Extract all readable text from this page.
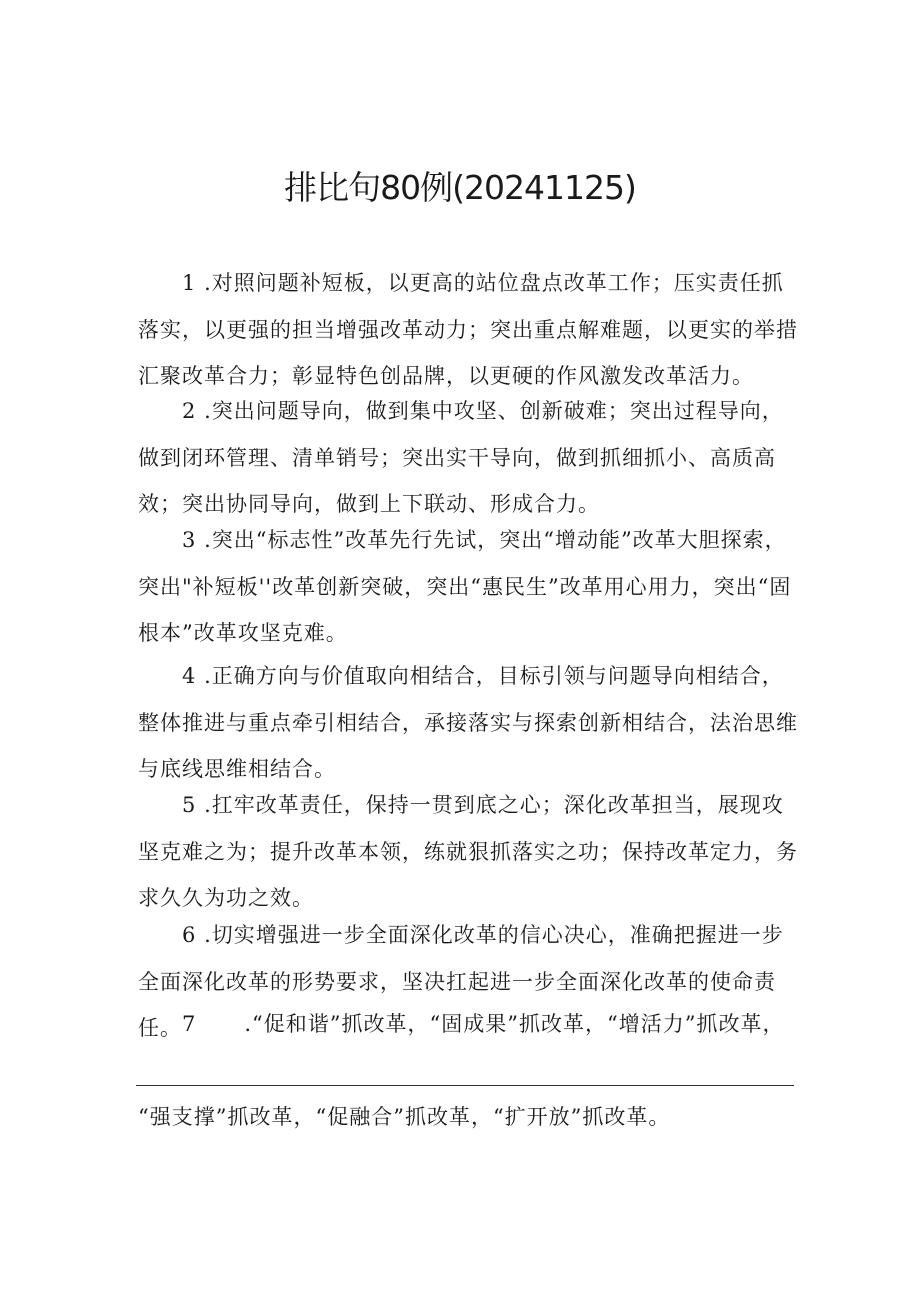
排比句80例(20241125)

1 .对照问题补短板，以更高的站位盘点改革工作；压实责任抓落实，以更强的担当增强改革动力；突出重点解难题，以更实的举措汇聚改革合力；彰显特色创品牌，以更硬的作风激发改革活力。

2 .突出问题导向，做到集中攻坚、创新破难；突出过程导向，做到闭环管理、清单销号；突出实干导向，做到抓细抓小、高质高效；突出协同导向，做到上下联动、形成合力。

3 .突出“标志性”改革先行先试，突出“增动能”改革大胆探索，突出"补短板''改革创新突破，突出“惠民生”改革用心用力，突出“固根本”改革攻坚克难。

4 .正确方向与价值取向相结合，目标引领与问题导向相结合，整体推进与重点牵引相结合，承接落实与探索创新相结合，法治思维与底线思维相结合。

5 .扛牢改革责任，保持一贯到底之心；深化改革担当，展现攻坚克难之为；提升改革本领，练就狠抓落实之功；保持改革定力，务求久久为功之效。

6 .切实增强进一步全面深化改革的信心决心，准确把握进一步全面深化改革的形势要求，坚决扛起进一步全面深化改革的使命责任。 7 .“促和谐”抓改革，“固成果”抓改革，“增活力”抓改革，

“强支撑”抓改革，“促融合”抓改革，“扩开放”抓改革。
